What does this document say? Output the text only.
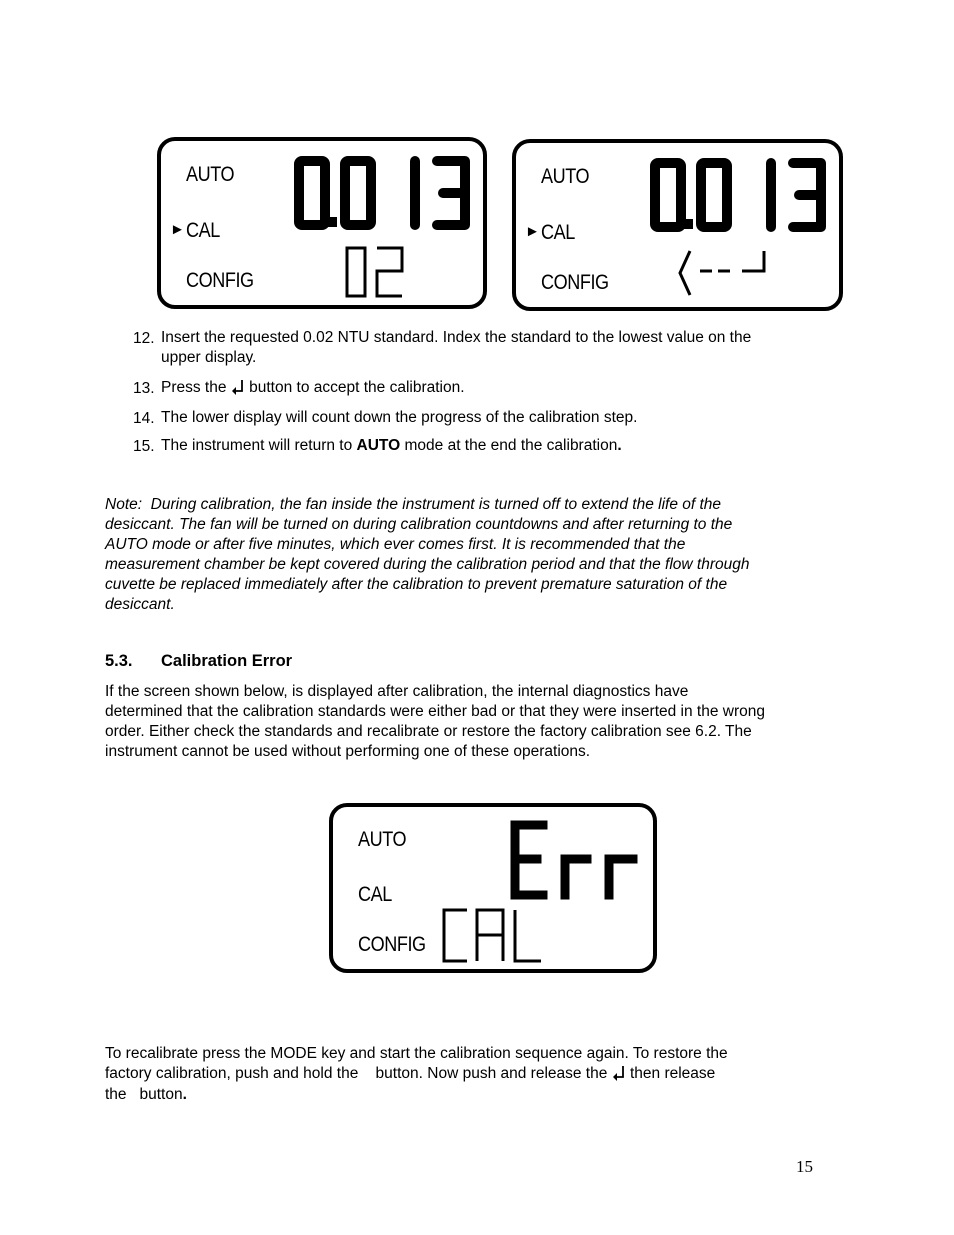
AUTO
► CAL
CONFIG
AUTO
► CAL
CONFIG
12. Insert the requested 0.02 NTU standard. Index the standard to the lowest value on the
upper display.
13. Press the button to accept the calibration.
14. The lower display will count down the progress of the calibration step.
15. The instrument will return to AUTO mode at the end the calibration.
Note:  During calibration, the fan inside the instrument is turned off to extend the life of the
desiccant. The fan will be turned on during calibration countdowns and after returning to the
AUTO mode or after five minutes, which ever comes first. It is recommended that the
measurement chamber be kept covered during the calibration period and that the flow through
cuvette be replaced immediately after the calibration to prevent premature saturation of the
desiccant.
5.3. Calibration Error
If the screen shown below, is displayed after calibration, the internal diagnostics have
determined that the calibration standards were either bad or that they were inserted in the wrong
order. Either check the standards and recalibrate or restore the factory calibration see 6.2. The
instrument cannot be used without performing one of these operations.
AUTO
CAL
CONFIG
To recalibrate press the MODE key and start the calibration sequence again. To restore the
factory calibration, push and hold the    button. Now push and release the then release
the   button.
15
